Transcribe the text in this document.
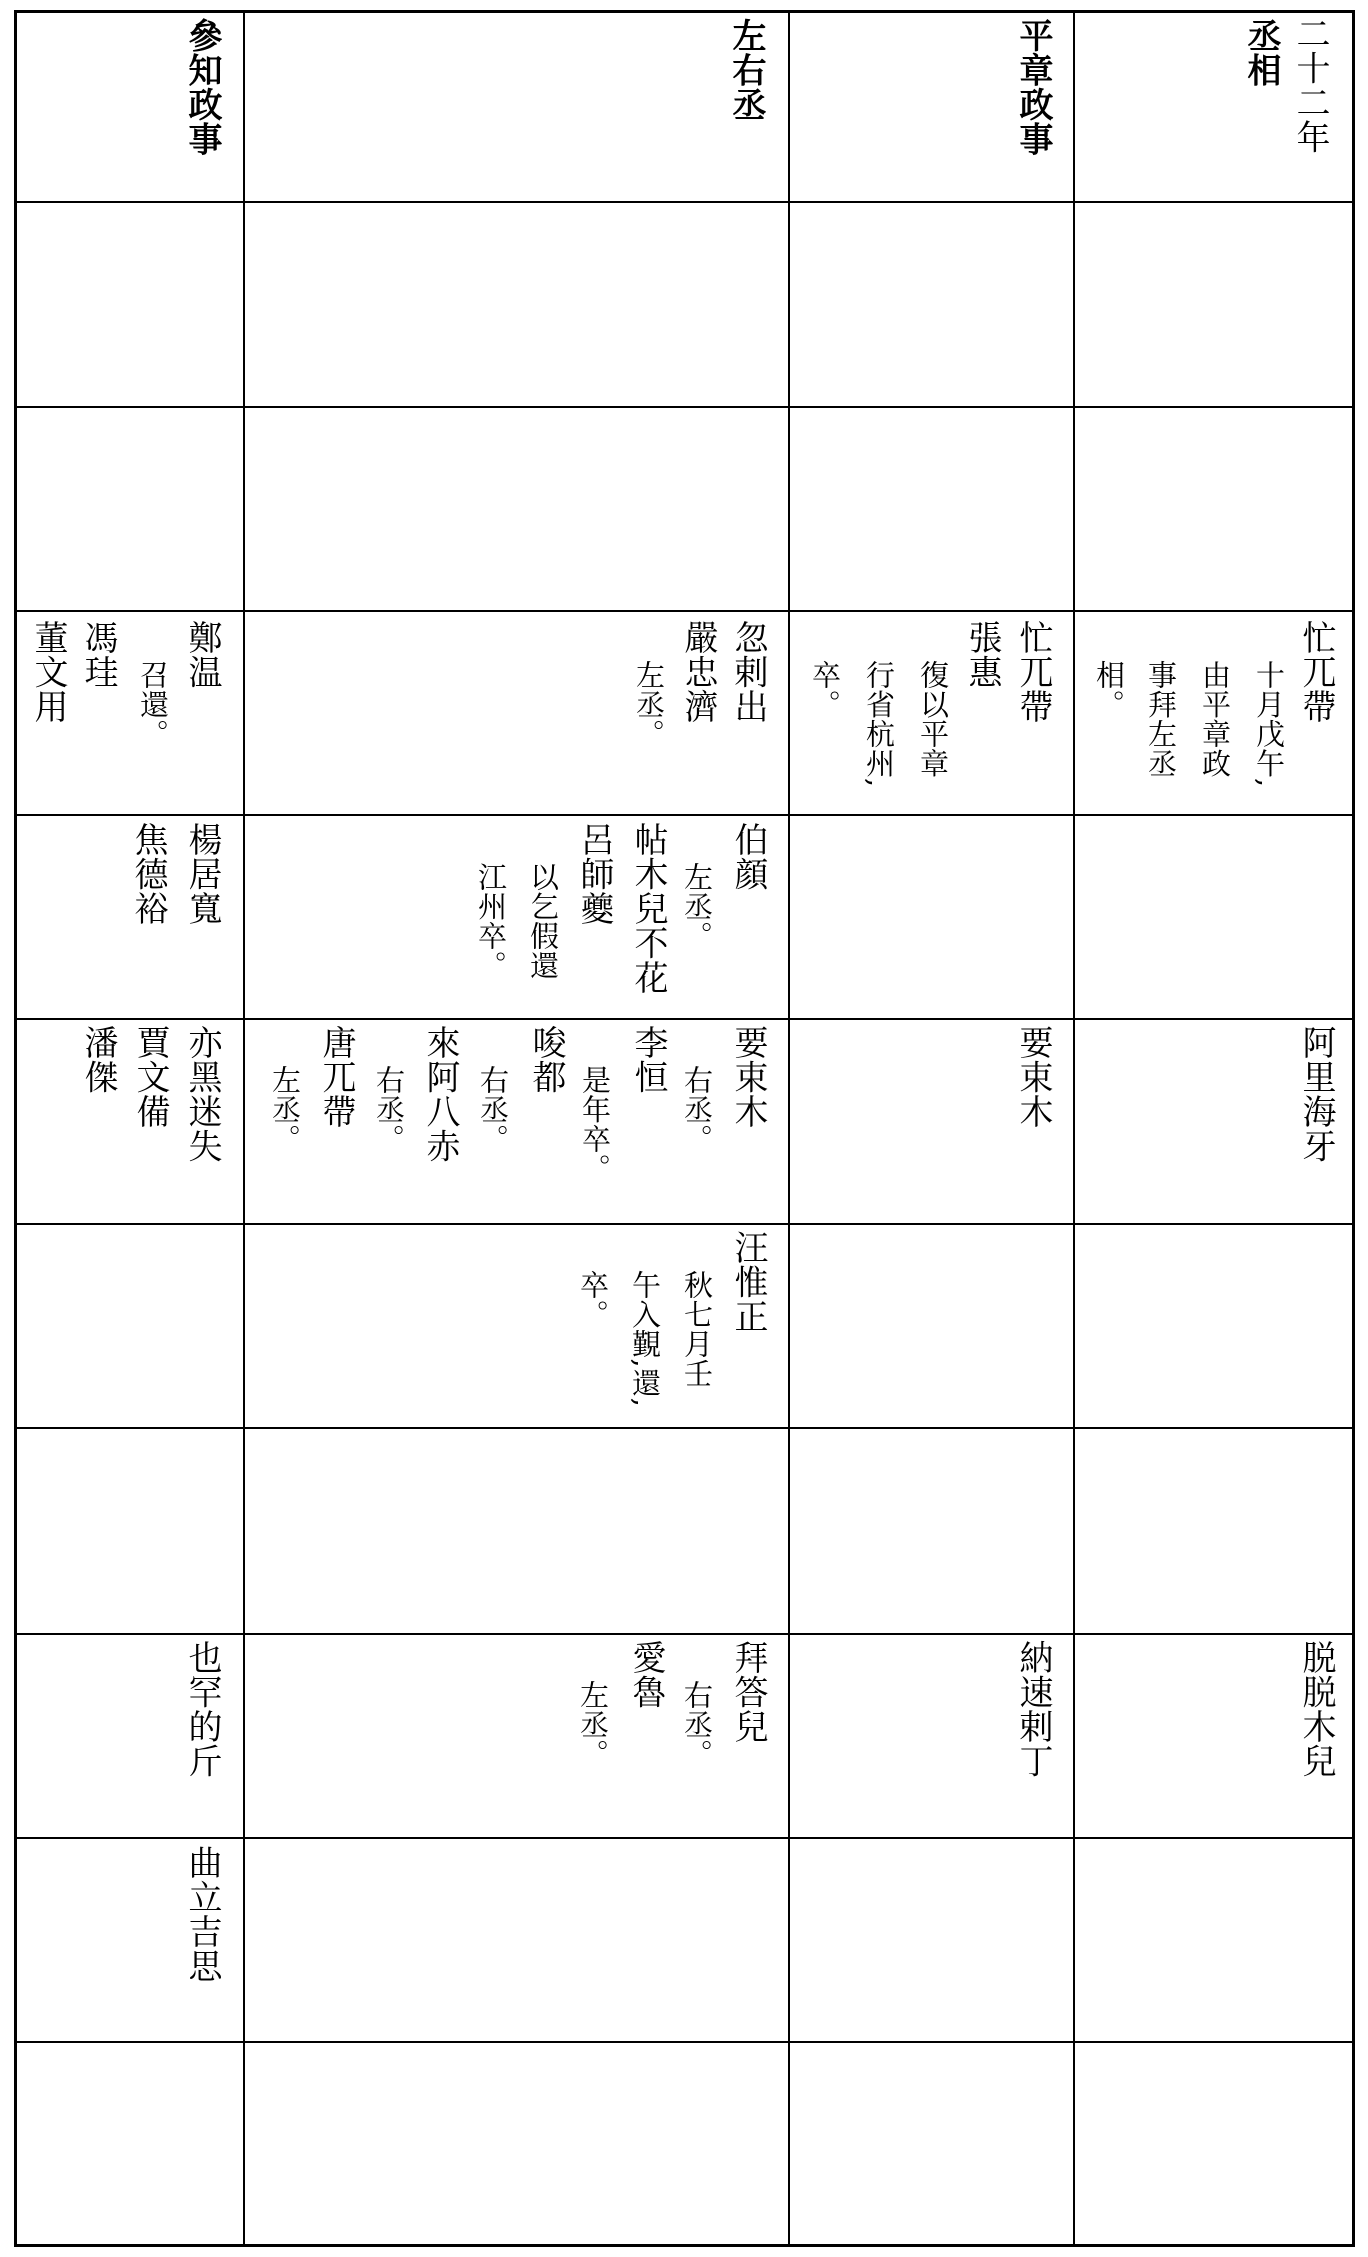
二十二年
丞相
平章政事
左右丞
參知政事
忙兀帶
十月戊午,
由平章政
事拜左丞
相。
忙兀帶
復以平章
張惠
行省杭州,
卒。
忽剌出
嚴忠濟
左丞。
鄭温
召還。
馮珪
董文用
伯顔
左丞。
帖木兒不花
呂師夔
以乞假還
江州卒。
楊居寬
焦德裕
阿里海牙
要束木
要束木
右丞。
李恒
是年卒。
唆都
右丞。
來阿八赤
右丞。
唐兀帶
左丞。
亦黑迷失
賈文備
潘傑
汪惟正
秋七月壬
午入覲,還,
卒。
脱脱木兒
納速剌丁
拜答兒
右丞。
愛魯
左丞。
也罕的斤
曲立吉思
